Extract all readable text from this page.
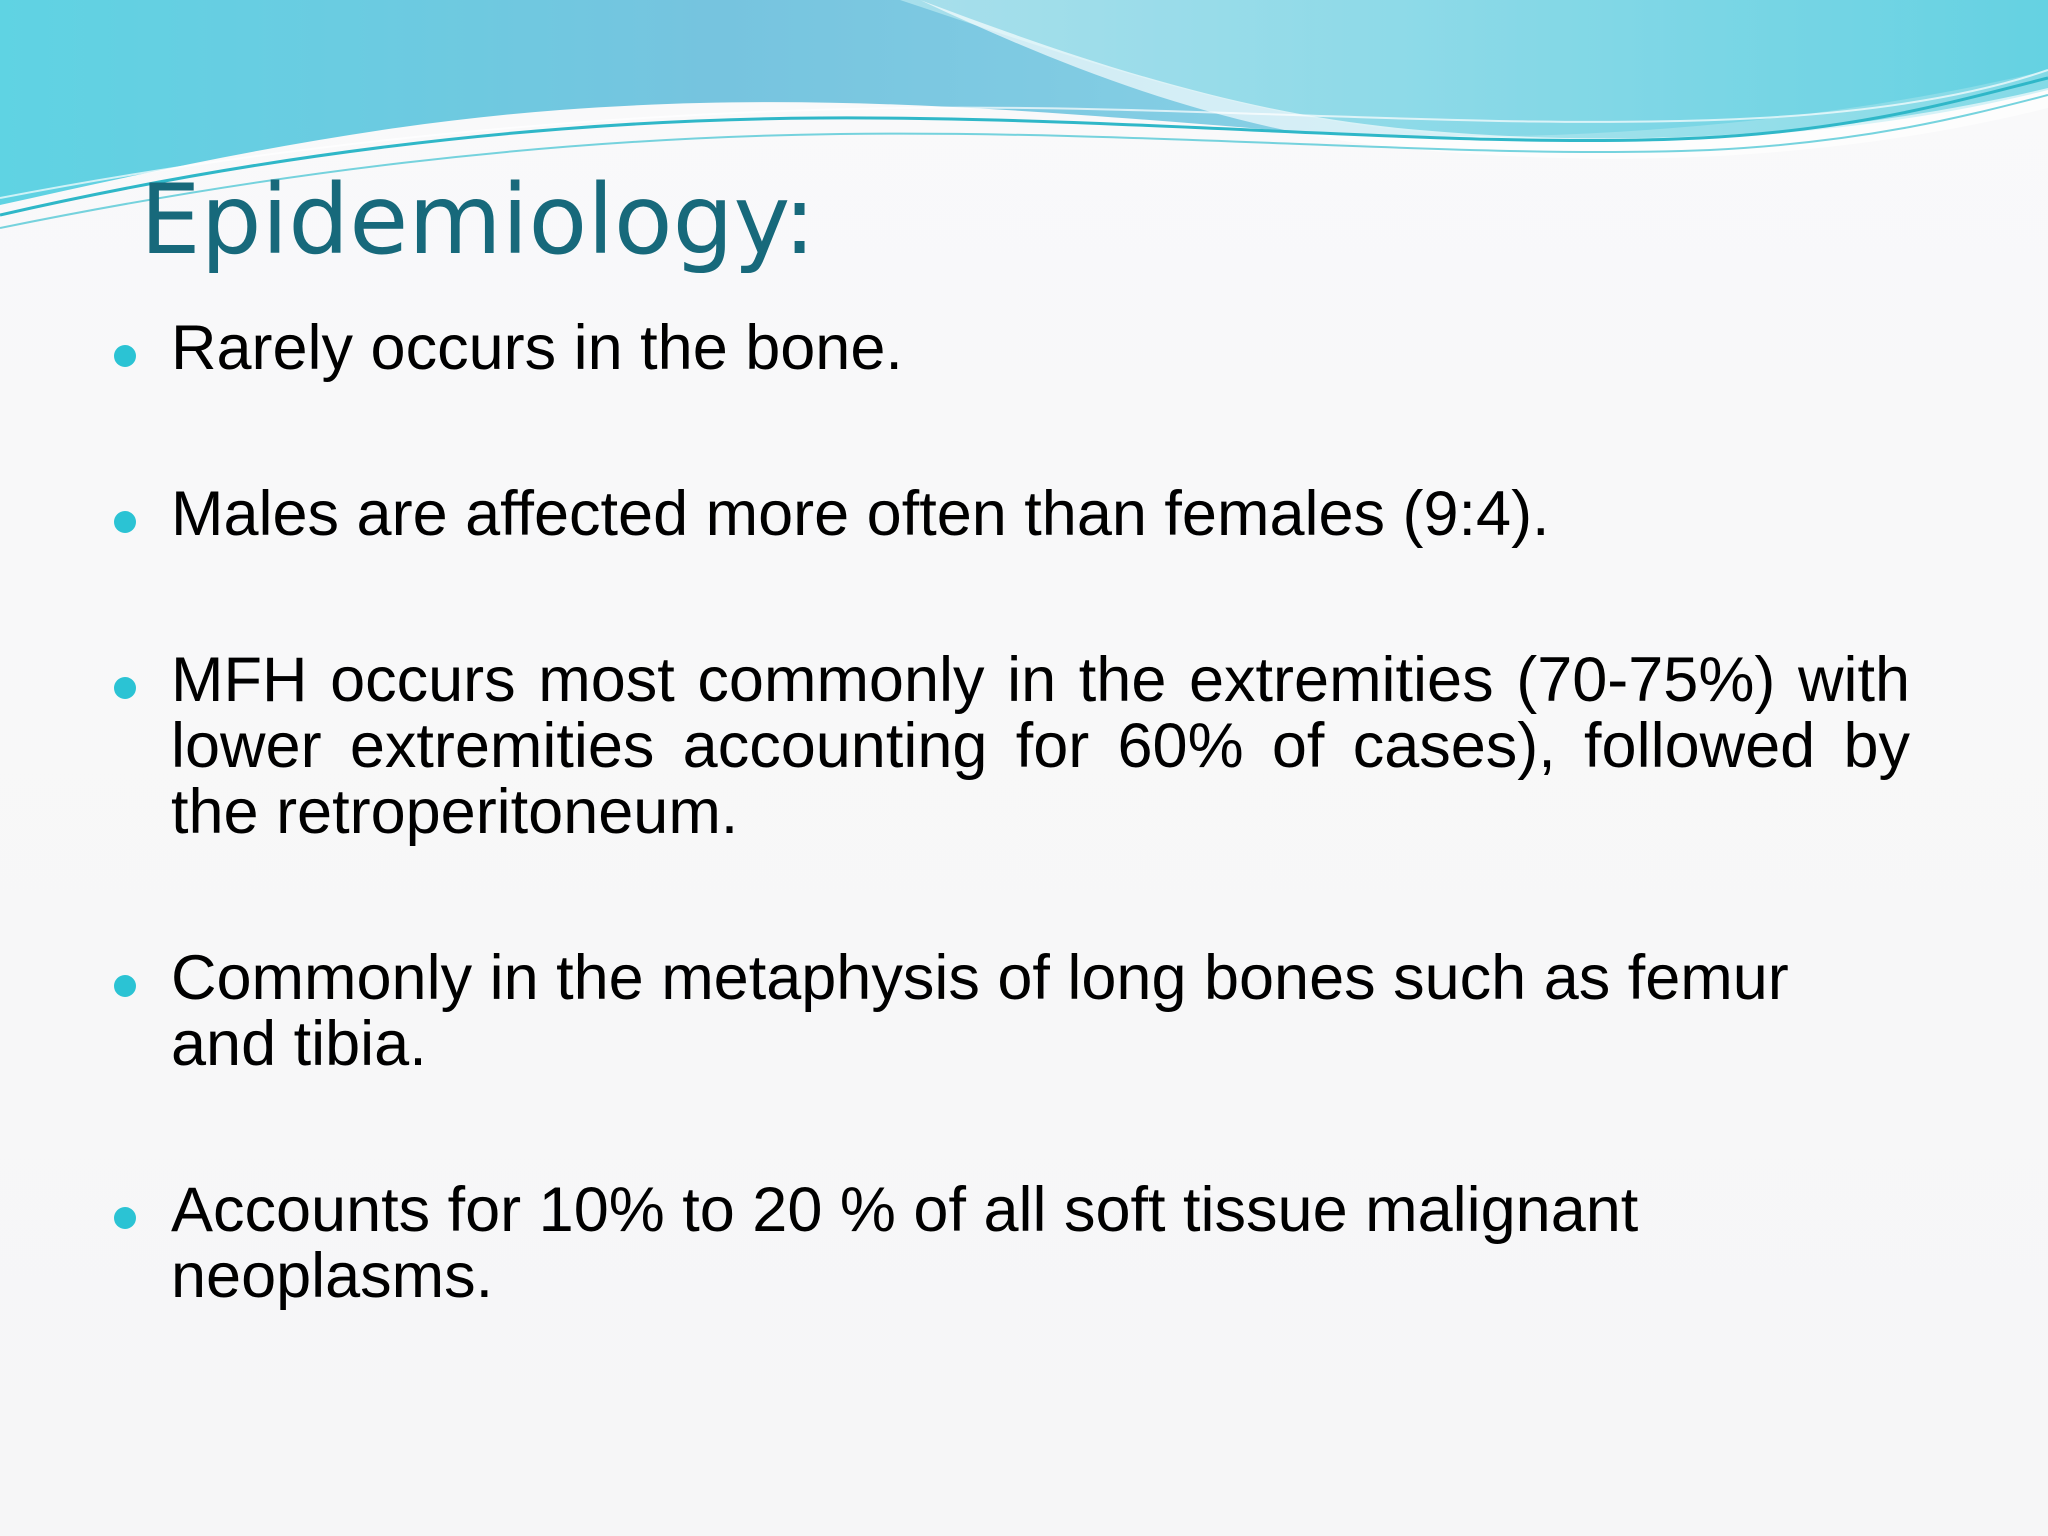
Epidemiology:
Rarely occurs in the bone.
Males are affected more often than females (9:4).
MFH occurs most commonly in the extremities (70-75%) with lower extremities accounting for 60% of cases), followed by the retroperitoneum.
Commonly in the metaphysis of long bones such as femur and tibia.
Accounts for 10% to 20 % of all soft tissue malignant neoplasms.
